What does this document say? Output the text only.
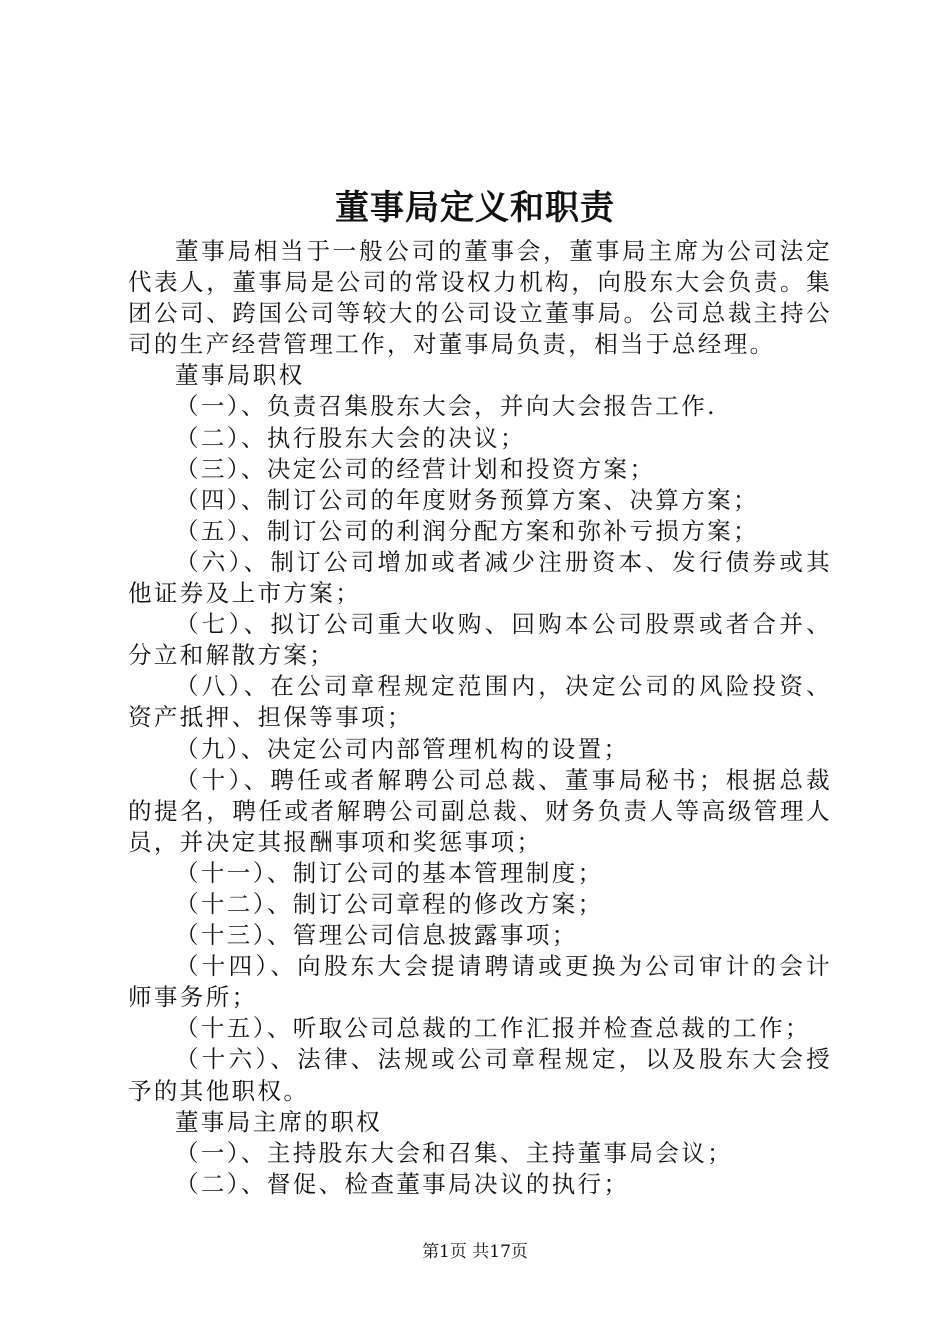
董事局定义和职责

董事局相当于一般公司的董事会，董事局主席为公司法定代表人，董事局是公司的常设权力机构，向股东大会负责。集团公司、跨国公司等较大的公司设立董事局。公司总裁主持公司的生产经营管理工作，对董事局负责，相当于总经理。

董事局职权

（一）、负责召集股东大会，并向大会报告工作.

（二）、执行股东大会的决议；

（三）、决定公司的经营计划和投资方案；

（四）、制订公司的年度财务预算方案、决算方案；

（五）、制订公司的利润分配方案和弥补亏损方案；

（六）、制订公司增加或者减少注册资本、发行债券或其他证券及上市方案；

（七）、拟订公司重大收购、回购本公司股票或者合并、分立和解散方案；

（八）、在公司章程规定范围内，决定公司的风险投资、资产抵押、担保等事项；

（九）、决定公司内部管理机构的设置；

（十）、聘任或者解聘公司总裁、董事局秘书；根据总裁的提名，聘任或者解聘公司副总裁、财务负责人等高级管理人员，并决定其报酬事项和奖惩事项；

（十一）、制订公司的基本管理制度；

（十二）、制订公司章程的修改方案；

（十三）、管理公司信息披露事项；

（十四）、向股东大会提请聘请或更换为公司审计的会计师事务所；

（十五）、听取公司总裁的工作汇报并检查总裁的工作；

（十六）、法律、法规或公司章程规定，以及股东大会授予的其他职权。

董事局主席的职权

（一）、主持股东大会和召集、主持董事局会议；

（二）、督促、检查董事局决议的执行；

第1页 共17页
